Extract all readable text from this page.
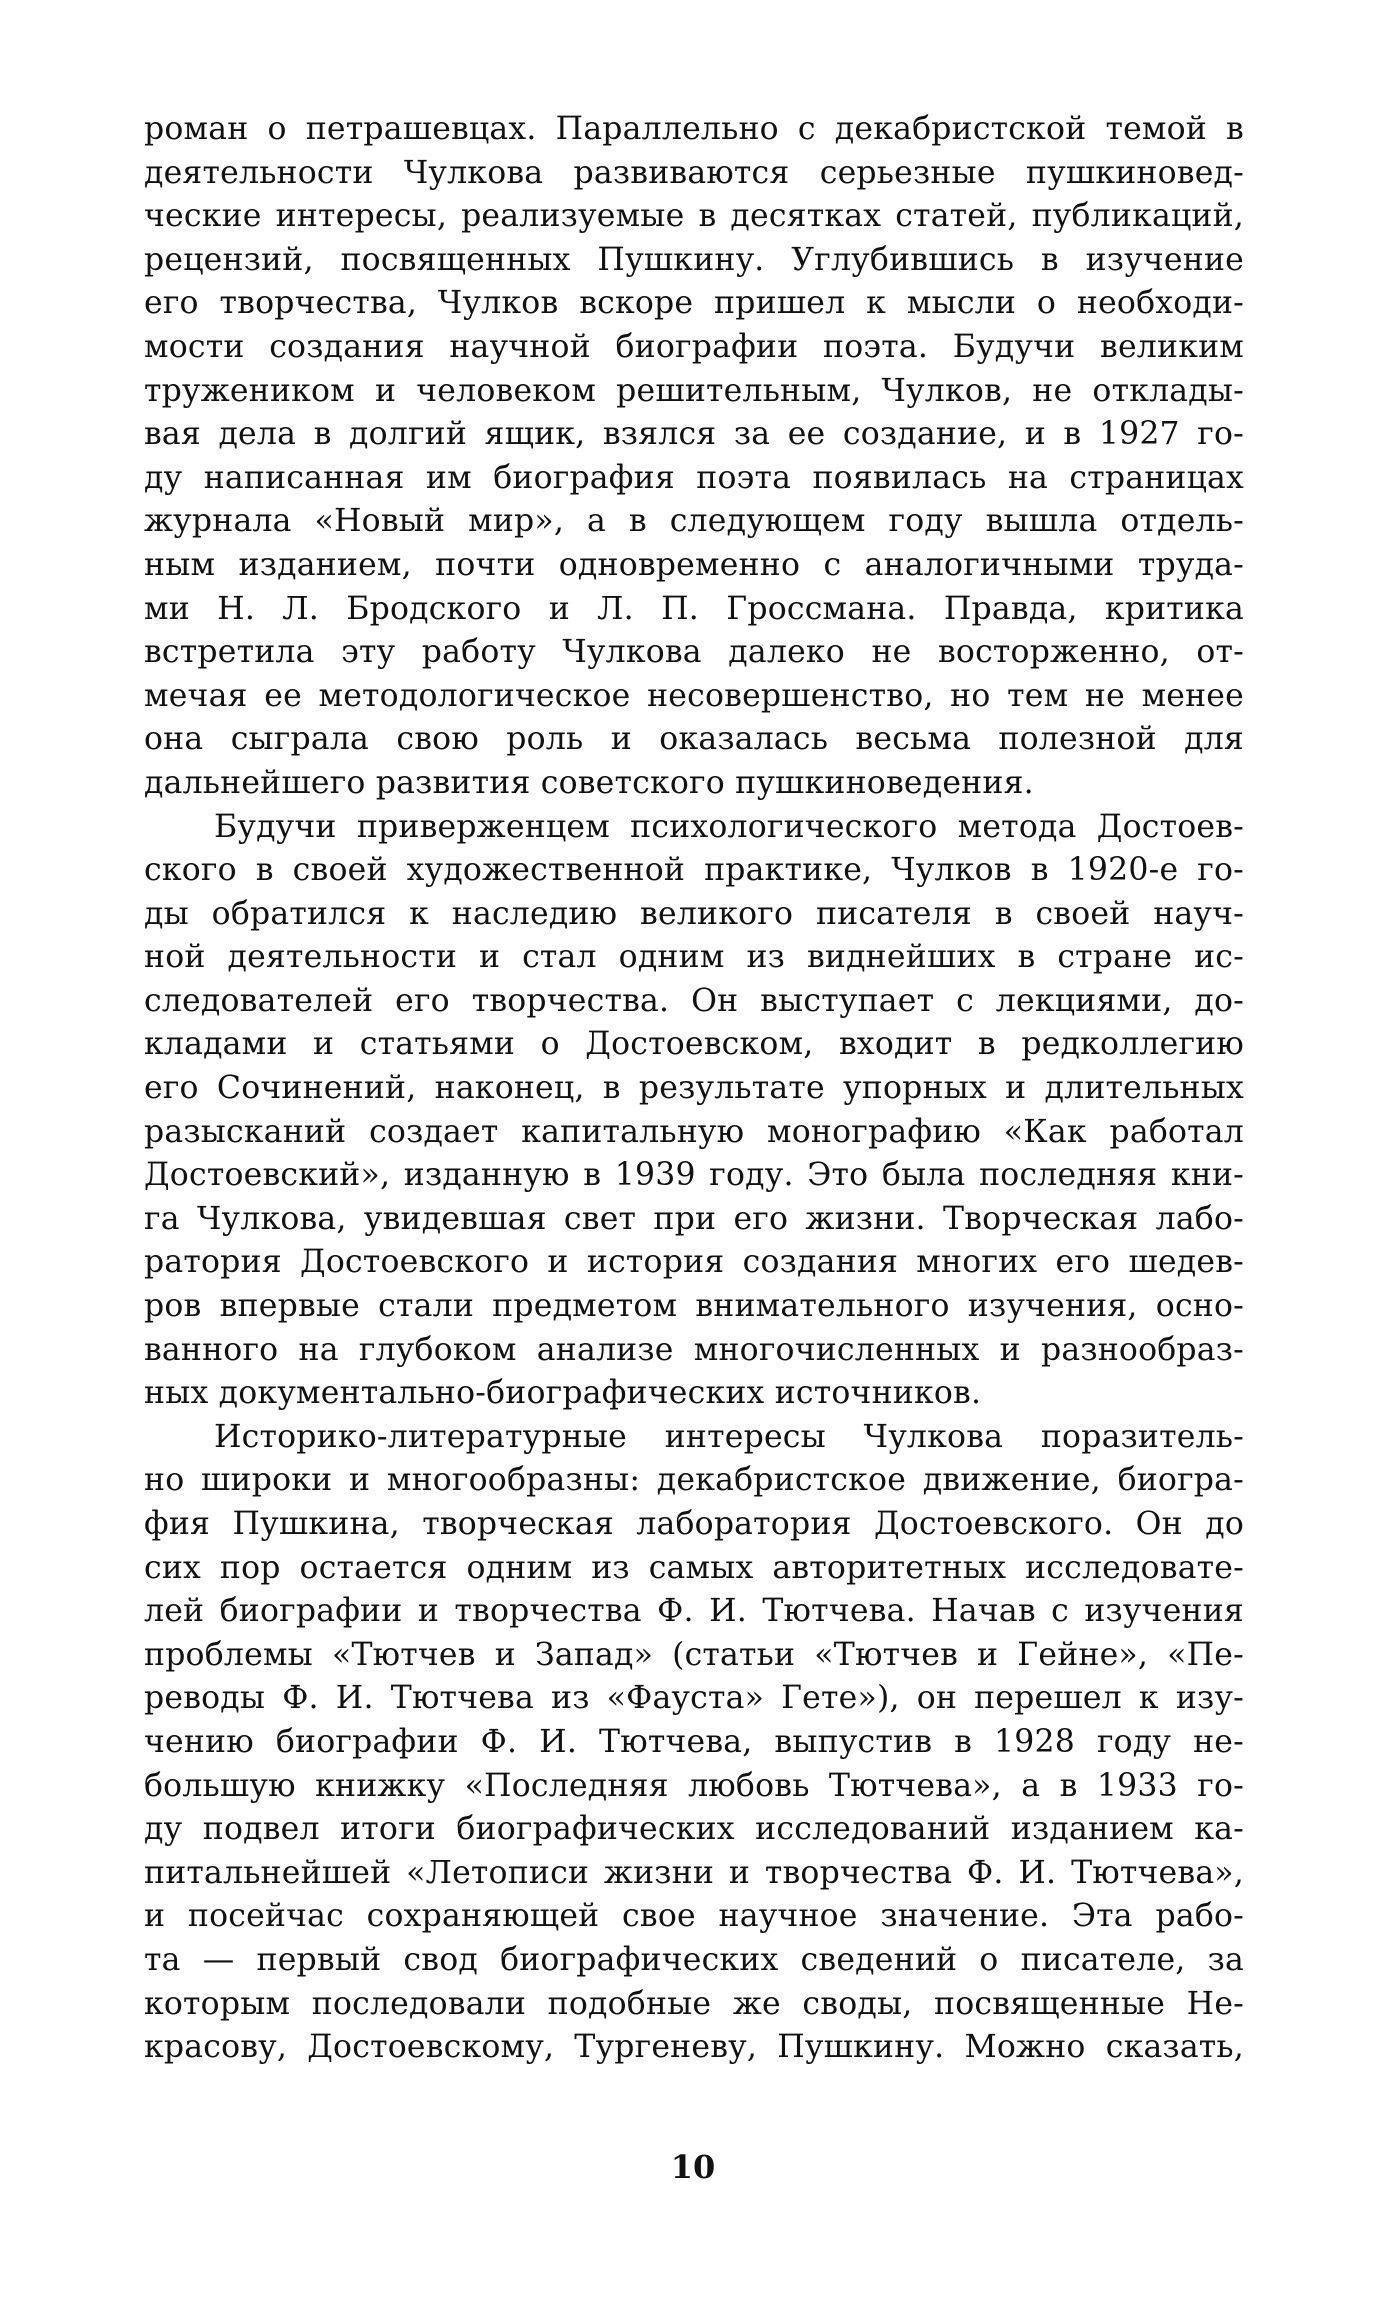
роман о петрашевцах. Параллельно с декабристской темой в
деятельности Чулкова развиваются серьезные пушкиновед-
ческие интересы, реализуемые в десятках статей, публикаций,
рецензий, посвященных Пушкину. Углубившись в изучение
его творчества, Чулков вскоре пришел к мысли о необходи-
мости создания научной биографии поэта. Будучи великим
тружеником и человеком решительным, Чулков, не отклады-
вая дела в долгий ящик, взялся за ее создание, и в 1927 го-
ду написанная им биография поэта появилась на страницах
журнала «Новый мир», а в следующем году вышла отдель-
ным изданием, почти одновременно с аналогичными труда-
ми Н. Л. Бродского и Л. П. Гроссмана. Правда, критика
встретила эту работу Чулкова далеко не восторженно, от-
мечая ее методологическое несовершенство, но тем не менее
она сыграла свою роль и оказалась весьма полезной для
дальнейшего развития советского пушкиноведения.

Будучи приверженцем психологического метода Достоев-
ского в своей художественной практике, Чулков в 1920-е го-
ды обратился к наследию великого писателя в своей науч-
ной деятельности и стал одним из виднейших в стране ис-
следователей его творчества. Он выступает с лекциями, до-
кладами и статьями о Достоевском, входит в редколлегию
его Сочинений, наконец, в результате упорных и длительных
разысканий создает капитальную монографию «Как работал
Достоевский», изданную в 1939 году. Это была последняя кни-
га Чулкова, увидевшая свет при его жизни. Творческая лабо-
ратория Достоевского и история создания многих его шедев-
ров впервые стали предметом внимательного изучения, осно-
ванного на глубоком анализе многочисленных и разнообраз-
ных документально-биографических источников.

Историко-литературные интересы Чулкова поразитель-
но широки и многообразны: декабристское движение, биогра-
фия Пушкина, творческая лаборатория Достоевского. Он до
сих пор остается одним из самых авторитетных исследовате-
лей биографии и творчества Ф. И. Тютчева. Начав с изучения
проблемы «Тютчев и Запад» (статьи «Тютчев и Гейне», «Пе-
реводы Ф. И. Тютчева из «Фауста» Гете»), он перешел к изу-
чению биографии Ф. И. Тютчева, выпустив в 1928 году не-
большую книжку «Последняя любовь Тютчева», а в 1933 го-
ду подвел итоги биографических исследований изданием ка-
питальнейшей «Летописи жизни и творчества Ф. И. Тютчева»,
и посейчас сохраняющей свое научное значение. Эта рабо-
та — первый свод биографических сведений о писателе, за
которым последовали подобные же своды, посвященные Не-
красову, Достоевскому, Тургеневу, Пушкину. Можно сказать,

10
